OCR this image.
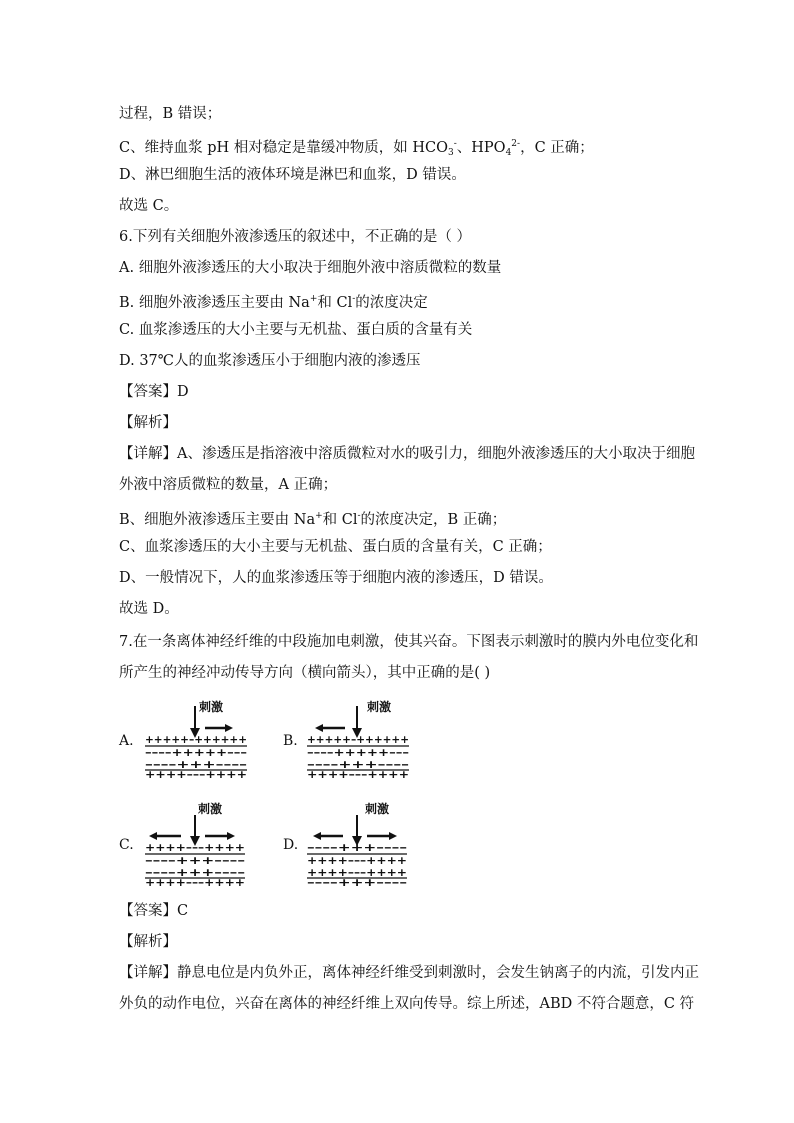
过程，B 错误；
C、维持血浆 pH 相对稳定是靠缓冲物质，如 $HCO_3^-$、$HPO_4^{2-}$，C 正确；
D、淋巴细胞生活的液体环境是淋巴和血浆，D 错误。
故选 C。
6.下列有关细胞外液渗透压的叙述中，不正确的是（ ）
A. 细胞外液渗透压的大小取决于细胞外液中溶质微粒的数量
B. 细胞外液渗透压主要由 Na+和 Cl-的浓度决定
C. 血浆渗透压的大小主要与无机盐、蛋白质的含量有关
D. 37℃人的血浆渗透压小于细胞内液的渗透压
【答案】D
【解析】
【详解】A、渗透压是指溶液中溶质微粒对水的吸引力，细胞外液渗透压的大小取决于细胞
外液中溶质微粒的数量，A 正确；
B、细胞外液渗透压主要由 Na+和 Cl-的浓度决定，B 正确；
C、血浆渗透压的大小主要与无机盐、蛋白质的含量有关，C 正确；
D、一般情况下，人的血浆渗透压等于细胞内液的渗透压，D 错误。
故选 D。
7.在一条离体神经纤维的中段施加电刺激，使其兴奋。下图表示刺激时的膜内外电位变化和
所产生的神经冲动传导方向（横向箭头），其中正确的是( )
A.	B.
C.	D.
刺激
+++++–++++++
––––+++++–––
––––+++––––
++++–––++++
刺激
+++++–++++++
––––+++++–––
––––+++––––
++++–––++++
刺激
++++–––++++
––––+++––––
––––+++––––
++++–––++++
刺激
––––+++––––
++++–––++++
++++–––++++
––––+++––––
【答案】C
【解析】
【详解】静息电位是内负外正，离体神经纤维受到刺激时，会发生钠离子的内流，引发内正
外负的动作电位，兴奋在离体的神经纤维上双向传导。综上所述，ABD 不符合题意，C 符
